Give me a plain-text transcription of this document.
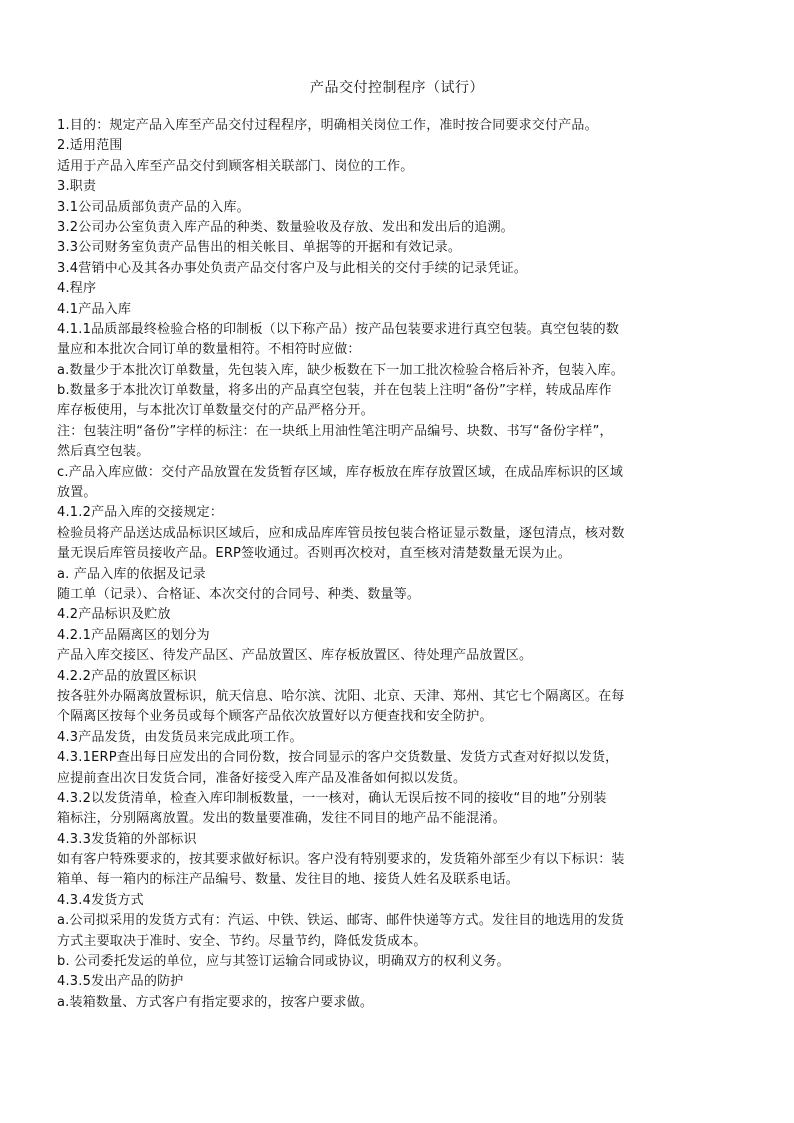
产品交付控制程序（试行）
1.目的：规定产品入库至产品交付过程程序，明确相关岗位工作，准时按合同要求交付产品。
2.适用范围
适用于产品入库至产品交付到顾客相关联部门、岗位的工作。
3.职责
3.1公司品质部负责产品的入库。
3.2公司办公室负责入库产品的种类、数量验收及存放、发出和发出后的追溯。
3.3公司财务室负责产品售出的相关帐目、单据等的开据和有效记录。
3.4营销中心及其各办事处负责产品交付客户及与此相关的交付手续的记录凭证。
4.程序
4.1产品入库
4.1.1品质部最终检验合格的印制板（以下称产品）按产品包装要求进行真空包装。真空包装的数
量应和本批次合同订单的数量相符。不相符时应做：
a.数量少于本批次订单数量，先包装入库，缺少板数在下一加工批次检验合格后补齐，包装入库。
b.数量多于本批次订单数量，将多出的产品真空包装，并在包装上注明“备份”字样，转成品库作
库存板使用，与本批次订单数量交付的产品严格分开。
注：包装注明“备份”字样的标注：在一块纸上用油性笔注明产品编号、块数、书写“备份字样”，
然后真空包装。
c.产品入库应做：交付产品放置在发货暂存区域，库存板放在库存放置区域，在成品库标识的区域
放置。
4.1.2产品入库的交接规定：
检验员将产品送达成品标识区域后，应和成品库库管员按包装合格证显示数量，逐包清点，核对数
量无误后库管员接收产品。ERP签收通过。否则再次校对，直至核对清楚数量无误为止。
a. 产品入库的依据及记录
随工单（记录）、合格证、本次交付的合同号、种类、数量等。
4.2产品标识及贮放
4.2.1产品隔离区的划分为
产品入库交接区、待发产品区、产品放置区、库存板放置区、待处理产品放置区。
4.2.2产品的放置区标识
按各驻外办隔离放置标识，航天信息、哈尔滨、沈阳、北京、天津、郑州、其它七个隔离区。在每
个隔离区按每个业务员或每个顾客产品依次放置好以方便查找和安全防护。
4.3产品发货，由发货员来完成此项工作。
4.3.1ERP查出每日应发出的合同份数，按合同显示的客户交货数量、发货方式查对好拟以发货，
应提前查出次日发货合同，准备好接受入库产品及准备如何拟以发货。
4.3.2以发货清单，检查入库印制板数量，一一核对，确认无误后按不同的接收“目的地”分别装
箱标注，分别隔离放置。发出的数量要准确，发往不同目的地产品不能混淆。
4.3.3发货箱的外部标识
如有客户特殊要求的，按其要求做好标识。客户没有特别要求的，发货箱外部至少有以下标识：装
箱单、每一箱内的标注产品编号、数量、发往目的地、接货人姓名及联系电话。
4.3.4发货方式
a.公司拟采用的发货方式有：汽运、中铁、铁运、邮寄、邮件快递等方式。发往目的地选用的发货
方式主要取决于准时、安全、节约。尽量节约，降低发货成本。
b. 公司委托发运的单位，应与其签订运输合同或协议，明确双方的权利义务。
4.3.5发出产品的防护
a.装箱数量、方式客户有指定要求的，按客户要求做。
